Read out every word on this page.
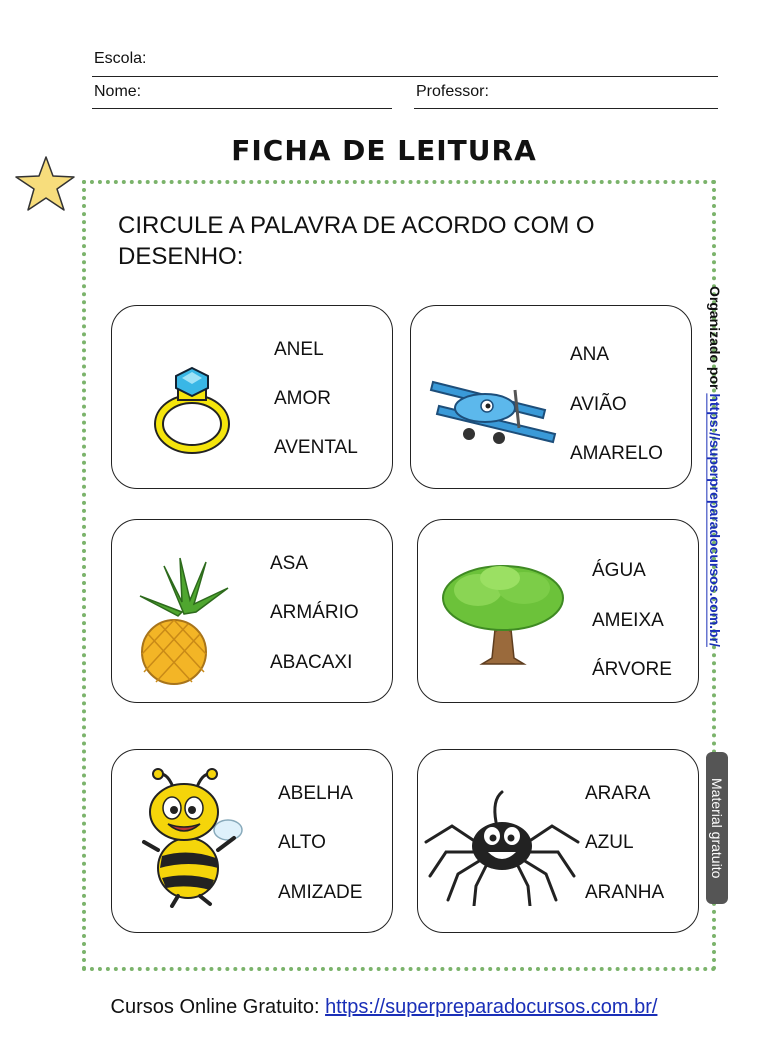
Escola:
Nome:	Professor:
FICHA DE LEITURA
CIRCULE A PALAVRA DE ACORDO COM O DESENHO:
ANEL
AMOR
AVENTAL
ANA
AVIÃO
AMARELO
ASA
ARMÁRIO
ABACAXI
ÁGUA
AMEIXA
ÁRVORE
ABELHA
ALTO
AMIZADE
ARARA
AZUL
ARANHA
Organizado por https://superpreparadocursos.com.br/
Material gratuito
Cursos Online Gratuito: https://superpreparadocursos.com.br/
